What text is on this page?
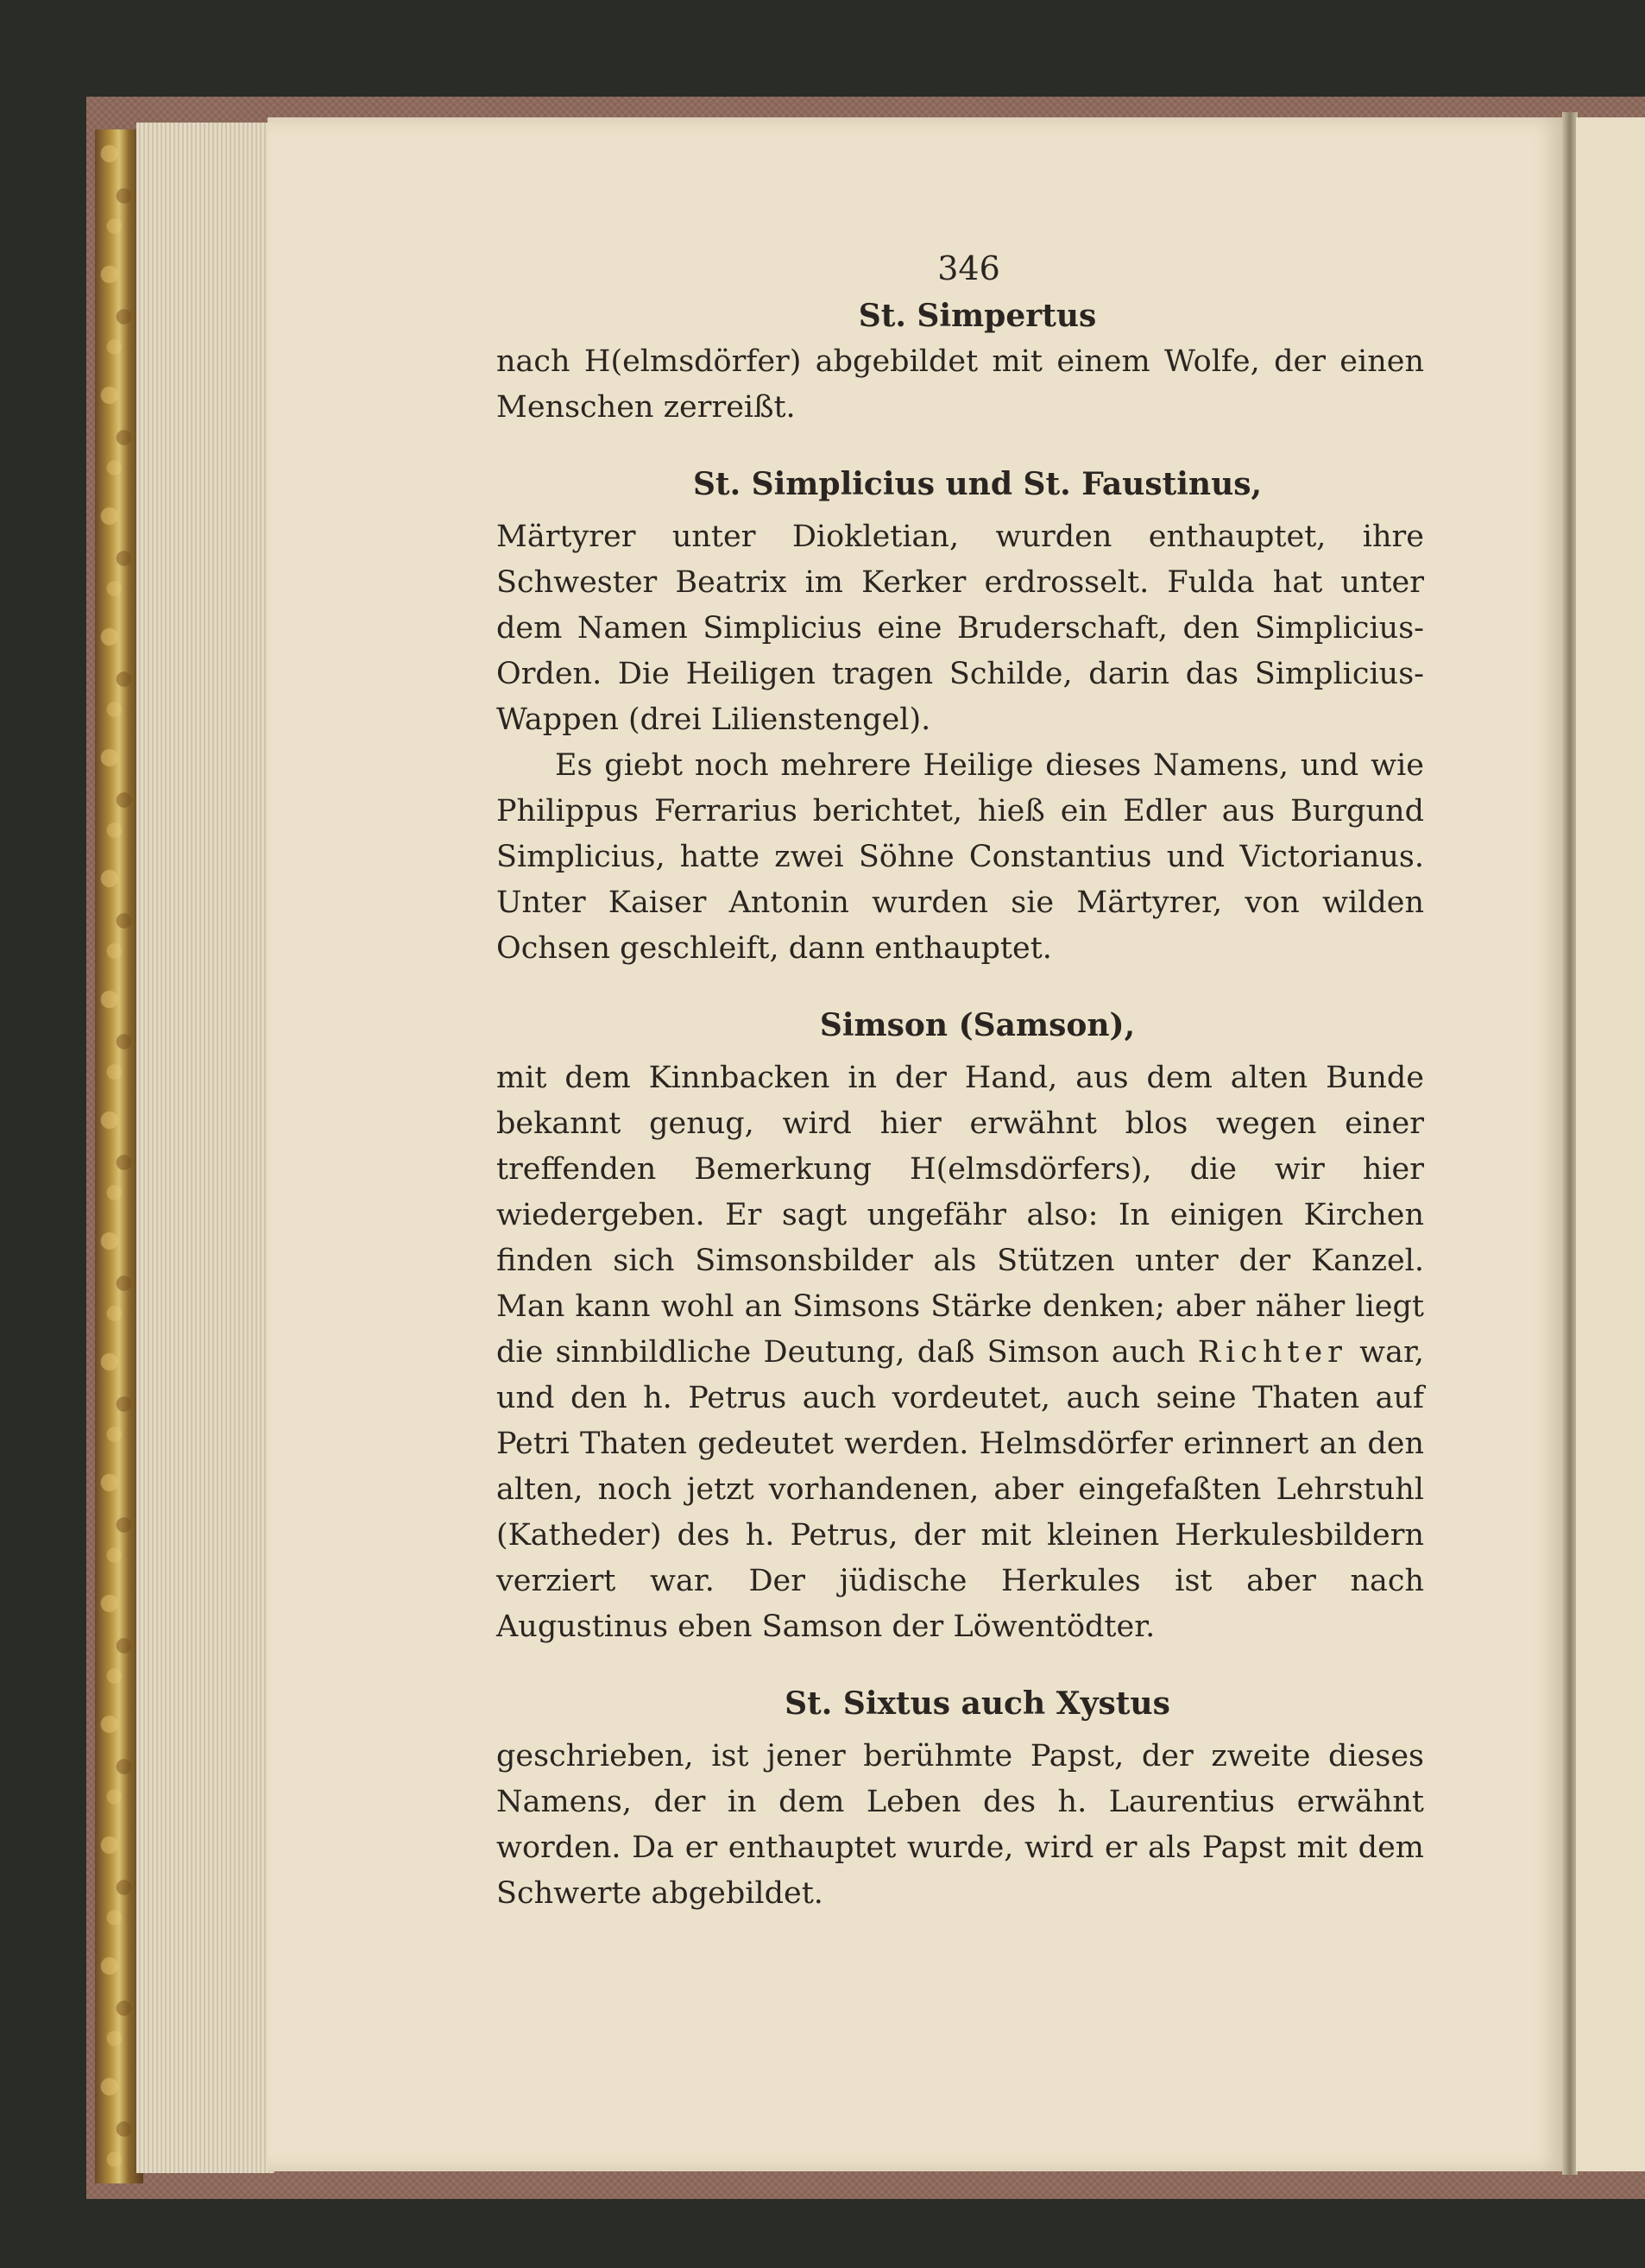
346
St. Simpertus

nach H(elmsdörfer) abgebildet mit einem Wolfe, der einen Menschen zerreißt.

St. Simplicius und St. Faustinus,

Märtyrer unter Diokletian, wurden enthauptet, ihre Schwester Beatrix im Kerker erdrosselt. Fulda hat unter dem Namen Simplicius eine Bruderschaft, den Simplicius-Orden. Die Heiligen tragen Schilde, darin das Simplicius-Wappen (drei Lilienstengel).

Es giebt noch mehrere Heilige dieses Namens, und wie Philippus Ferrarius berichtet, hieß ein Edler aus Burgund Simplicius, hatte zwei Söhne Constantius und Victorianus. Unter Kaiser Antonin wurden sie Märtyrer, von wilden Ochsen geschleift, dann enthauptet.

Simson (Samson),

mit dem Kinnbacken in der Hand, aus dem alten Bunde bekannt genug, wird hier erwähnt blos wegen einer treffenden Bemerkung H(elmsdörfers), die wir hier wiedergeben. Er sagt ungefähr also: In einigen Kirchen finden sich Simsonsbilder als Stützen unter der Kanzel. Man kann wohl an Simsons Stärke denken; aber näher liegt die sinnbildliche Deutung, daß Simson auch Richter war, und den h. Petrus auch vordeutet, auch seine Thaten auf Petri Thaten gedeutet werden. Helmsdörfer erinnert an den alten, noch jetzt vorhandenen, aber eingefaßten Lehrstuhl (Katheder) des h. Petrus, der mit kleinen Herkulesbildern verziert war. Der jüdische Herkules ist aber nach Augustinus eben Samson der Löwentödter.

St. Sixtus auch Xystus

geschrieben, ist jener berühmte Papst, der zweite dieses Namens, der in dem Leben des h. Laurentius erwähnt worden. Da er enthauptet wurde, wird er als Papst mit dem Schwerte abgebildet.
